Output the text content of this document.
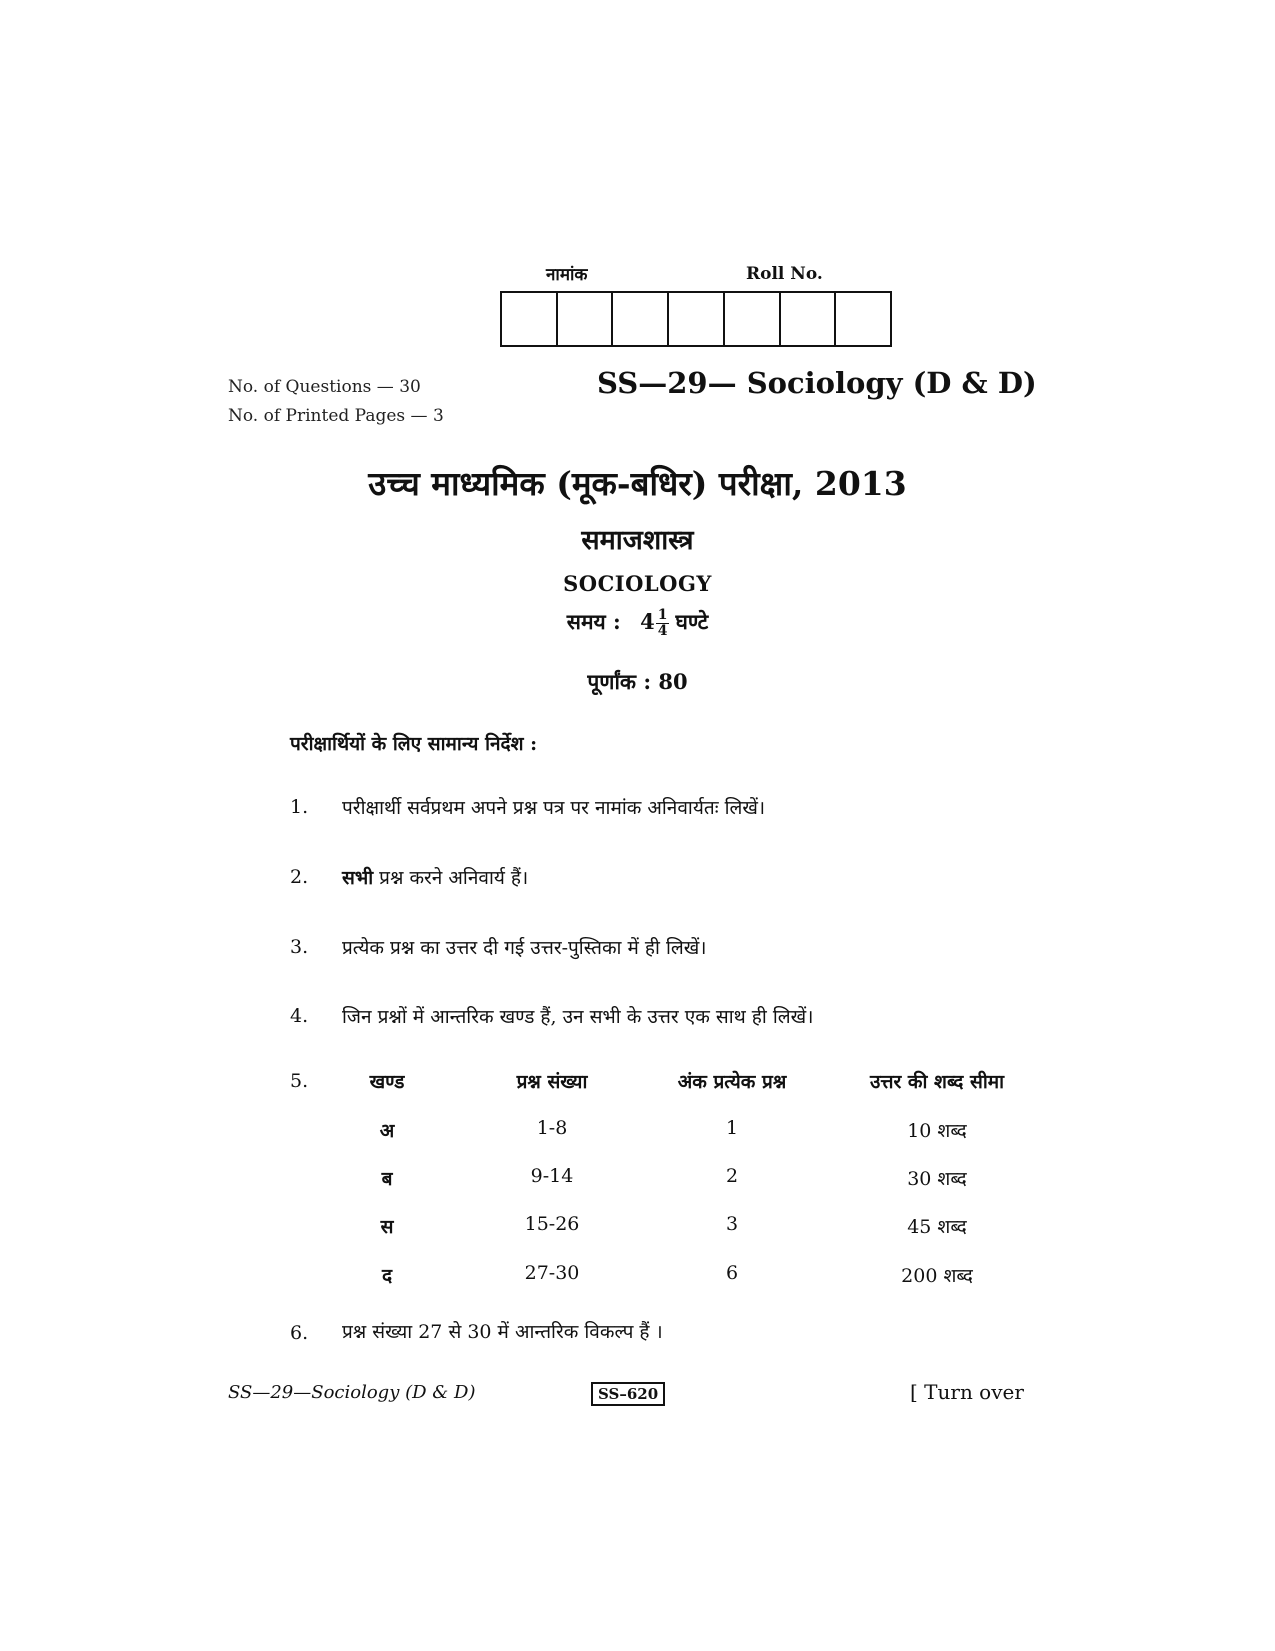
नामांक	Roll No.
No. of Questions — 30
No. of Printed Pages — 3
SS—29— Sociology (D & D)
उच्च माध्यमिक (मूक-बधिर) परीक्षा, 2013
समाजशास्त्र
SOCIOLOGY
समय : $4 \frac{1}{4}$ घण्टे
पूर्णांक : 80
परीक्षार्थियों के लिए सामान्य निर्देश :
1. परीक्षार्थी सर्वप्रथम अपने प्रश्न पत्र पर नामांक अनिवार्यतः लिखें।
2. सभी प्रश्न करने अनिवार्य हैं।
3. प्रत्येक प्रश्न का उत्तर दी गई उत्तर-पुस्तिका में ही लिखें।
4. जिन प्रश्नों में आन्तरिक खण्ड हैं, उन सभी के उत्तर एक साथ ही लिखें।
5.	खण्ड	प्रश्न संख्या	अंक प्रत्येक प्रश्न	उत्तर की शब्द सीमा
अ	1-8	1	10 शब्द
ब	9-14	2	30 शब्द
स	15-26	3	45 शब्द
द	27-30	6	200 शब्द
6. प्रश्न संख्या 27 से 30 में आन्तरिक विकल्प हैं ।
SS—29—Sociology (D & D)	SS–620	[ Turn over
